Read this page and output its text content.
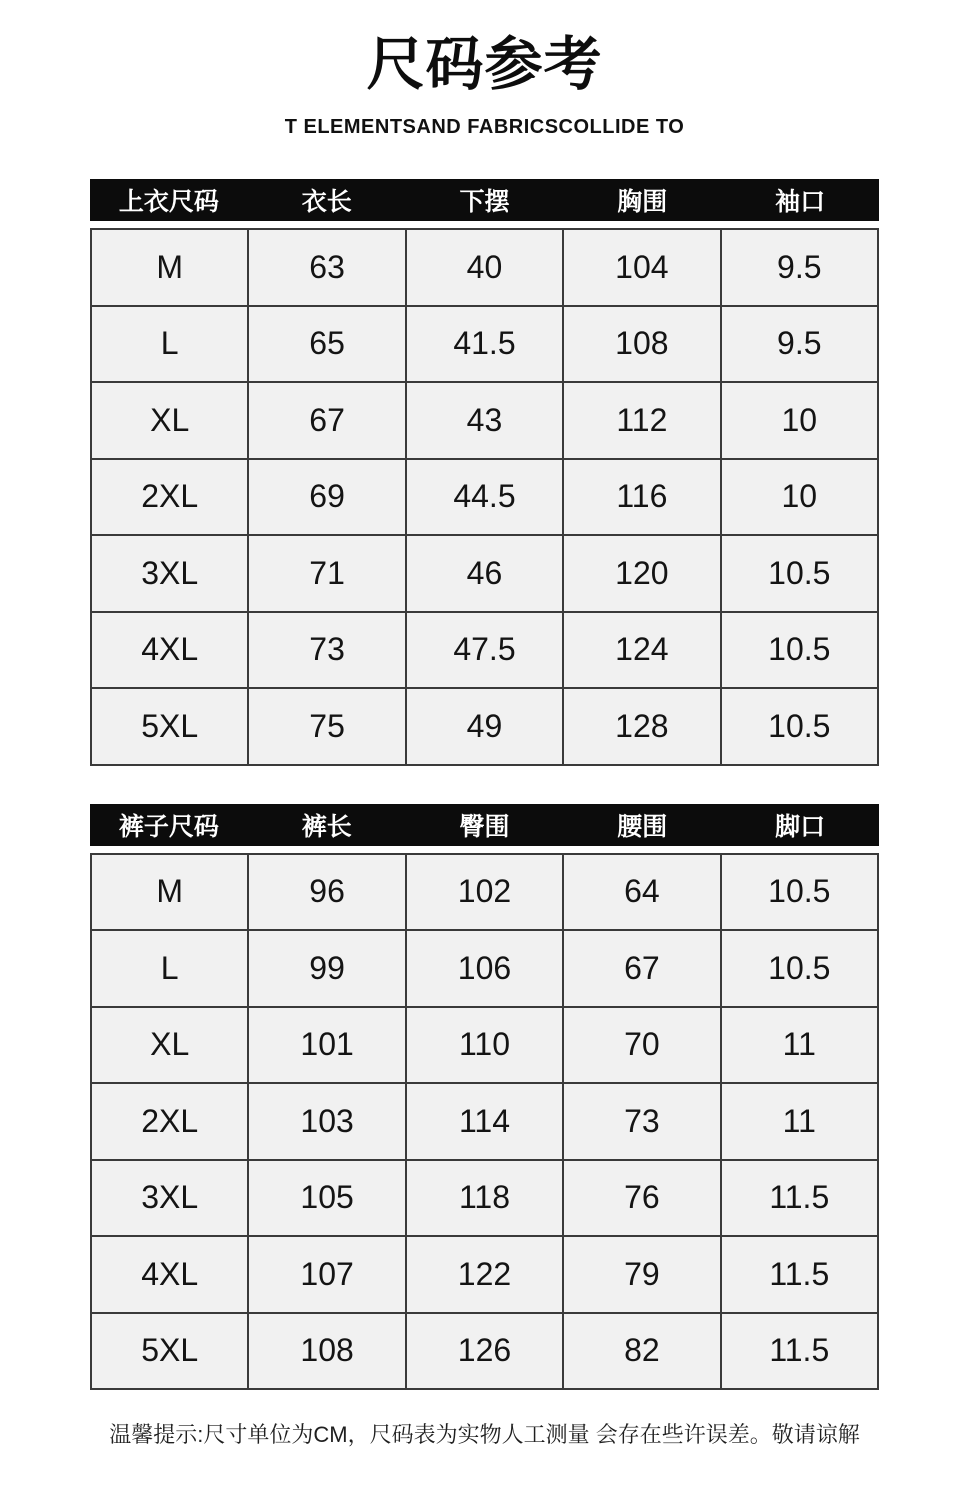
尺码参考
T ELEMENTSAND FABRICSCOLLIDE TO
上衣尺码	衣长	下摆	胸围	袖口
M	63	40	104	9.5
L	65	41.5	108	9.5
XL	67	43	112	10
2XL	69	44.5	116	10
3XL	71	46	120	10.5
4XL	73	47.5	124	10.5
5XL	75	49	128	10.5
裤子尺码	裤长	臀围	腰围	脚口
M	96	102	64	10.5
L	99	106	67	10.5
XL	101	110	70	11
2XL	103	114	73	11
3XL	105	118	76	11.5
4XL	107	122	79	11.5
5XL	108	126	82	11.5
温馨提示:尺寸单位为CM，尺码表为实物人工测量 会存在些许误差。敬请谅解
